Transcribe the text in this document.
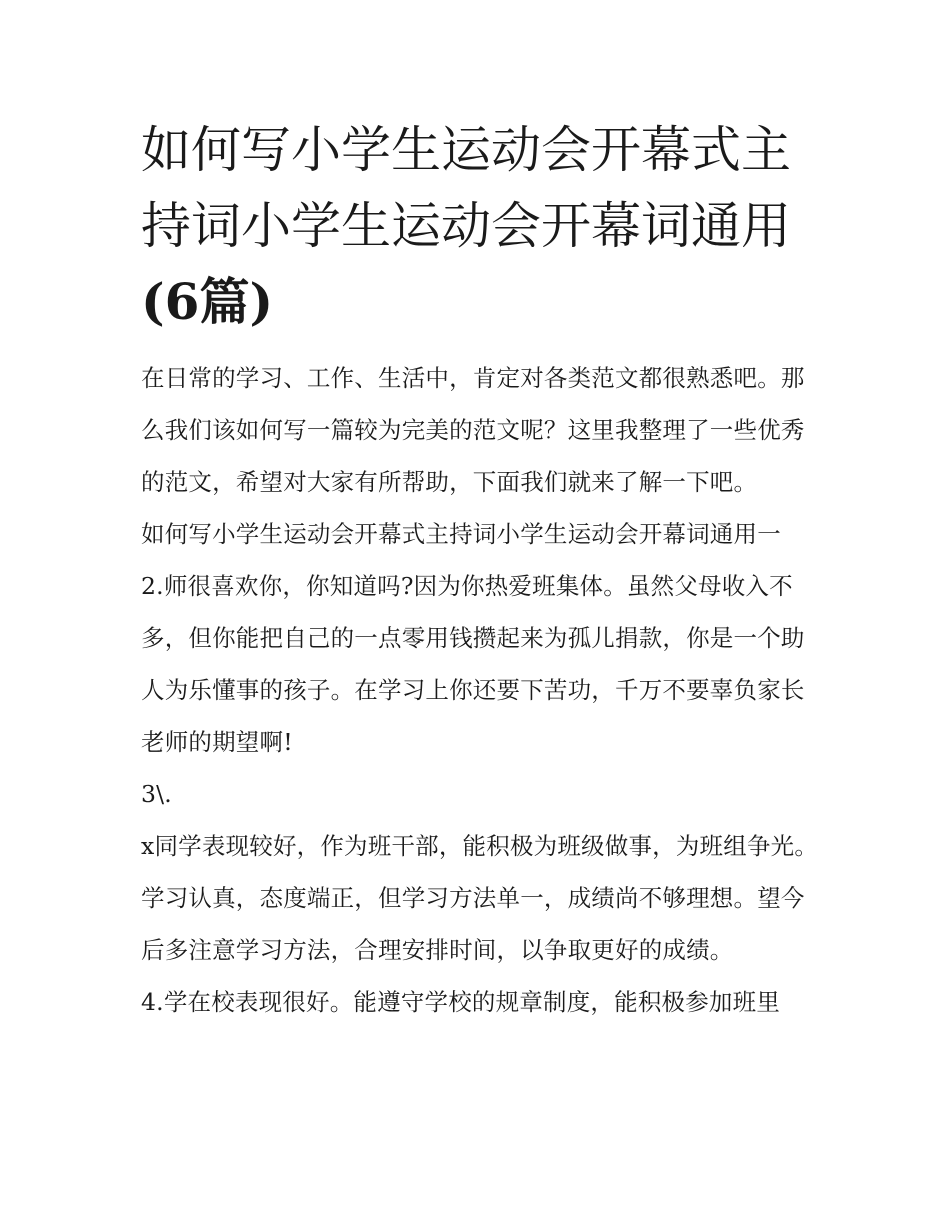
如何写小学生运动会开幕式主持词小学生运动会开幕词通用
(6篇)

在日常的学习、工作、生活中，肯定对各类范文都很熟悉吧。那么我们该如何写一篇较为完美的范文呢？这里我整理了一些优秀的范文，希望对大家有所帮助，下面我们就来了解一下吧。

如何写小学生运动会开幕式主持词小学生运动会开幕词通用一

2.师很喜欢你，你知道吗?因为你热爱班集体。虽然父母收入不多，但你能把自己的一点零用钱攒起来为孤儿捐款，你是一个助人为乐懂事的孩子。在学习上你还要下苦功，千万不要辜负家长老师的期望啊!

3\.

x同学表现较好，作为班干部，能积极为班级做事，为班组争光。学习认真，态度端正，但学习方法单一，成绩尚不够理想。望今后多注意学习方法，合理安排时间，以争取更好的成绩。

4.学在校表现很好。能遵守学校的规章制度，能积极参加班里
